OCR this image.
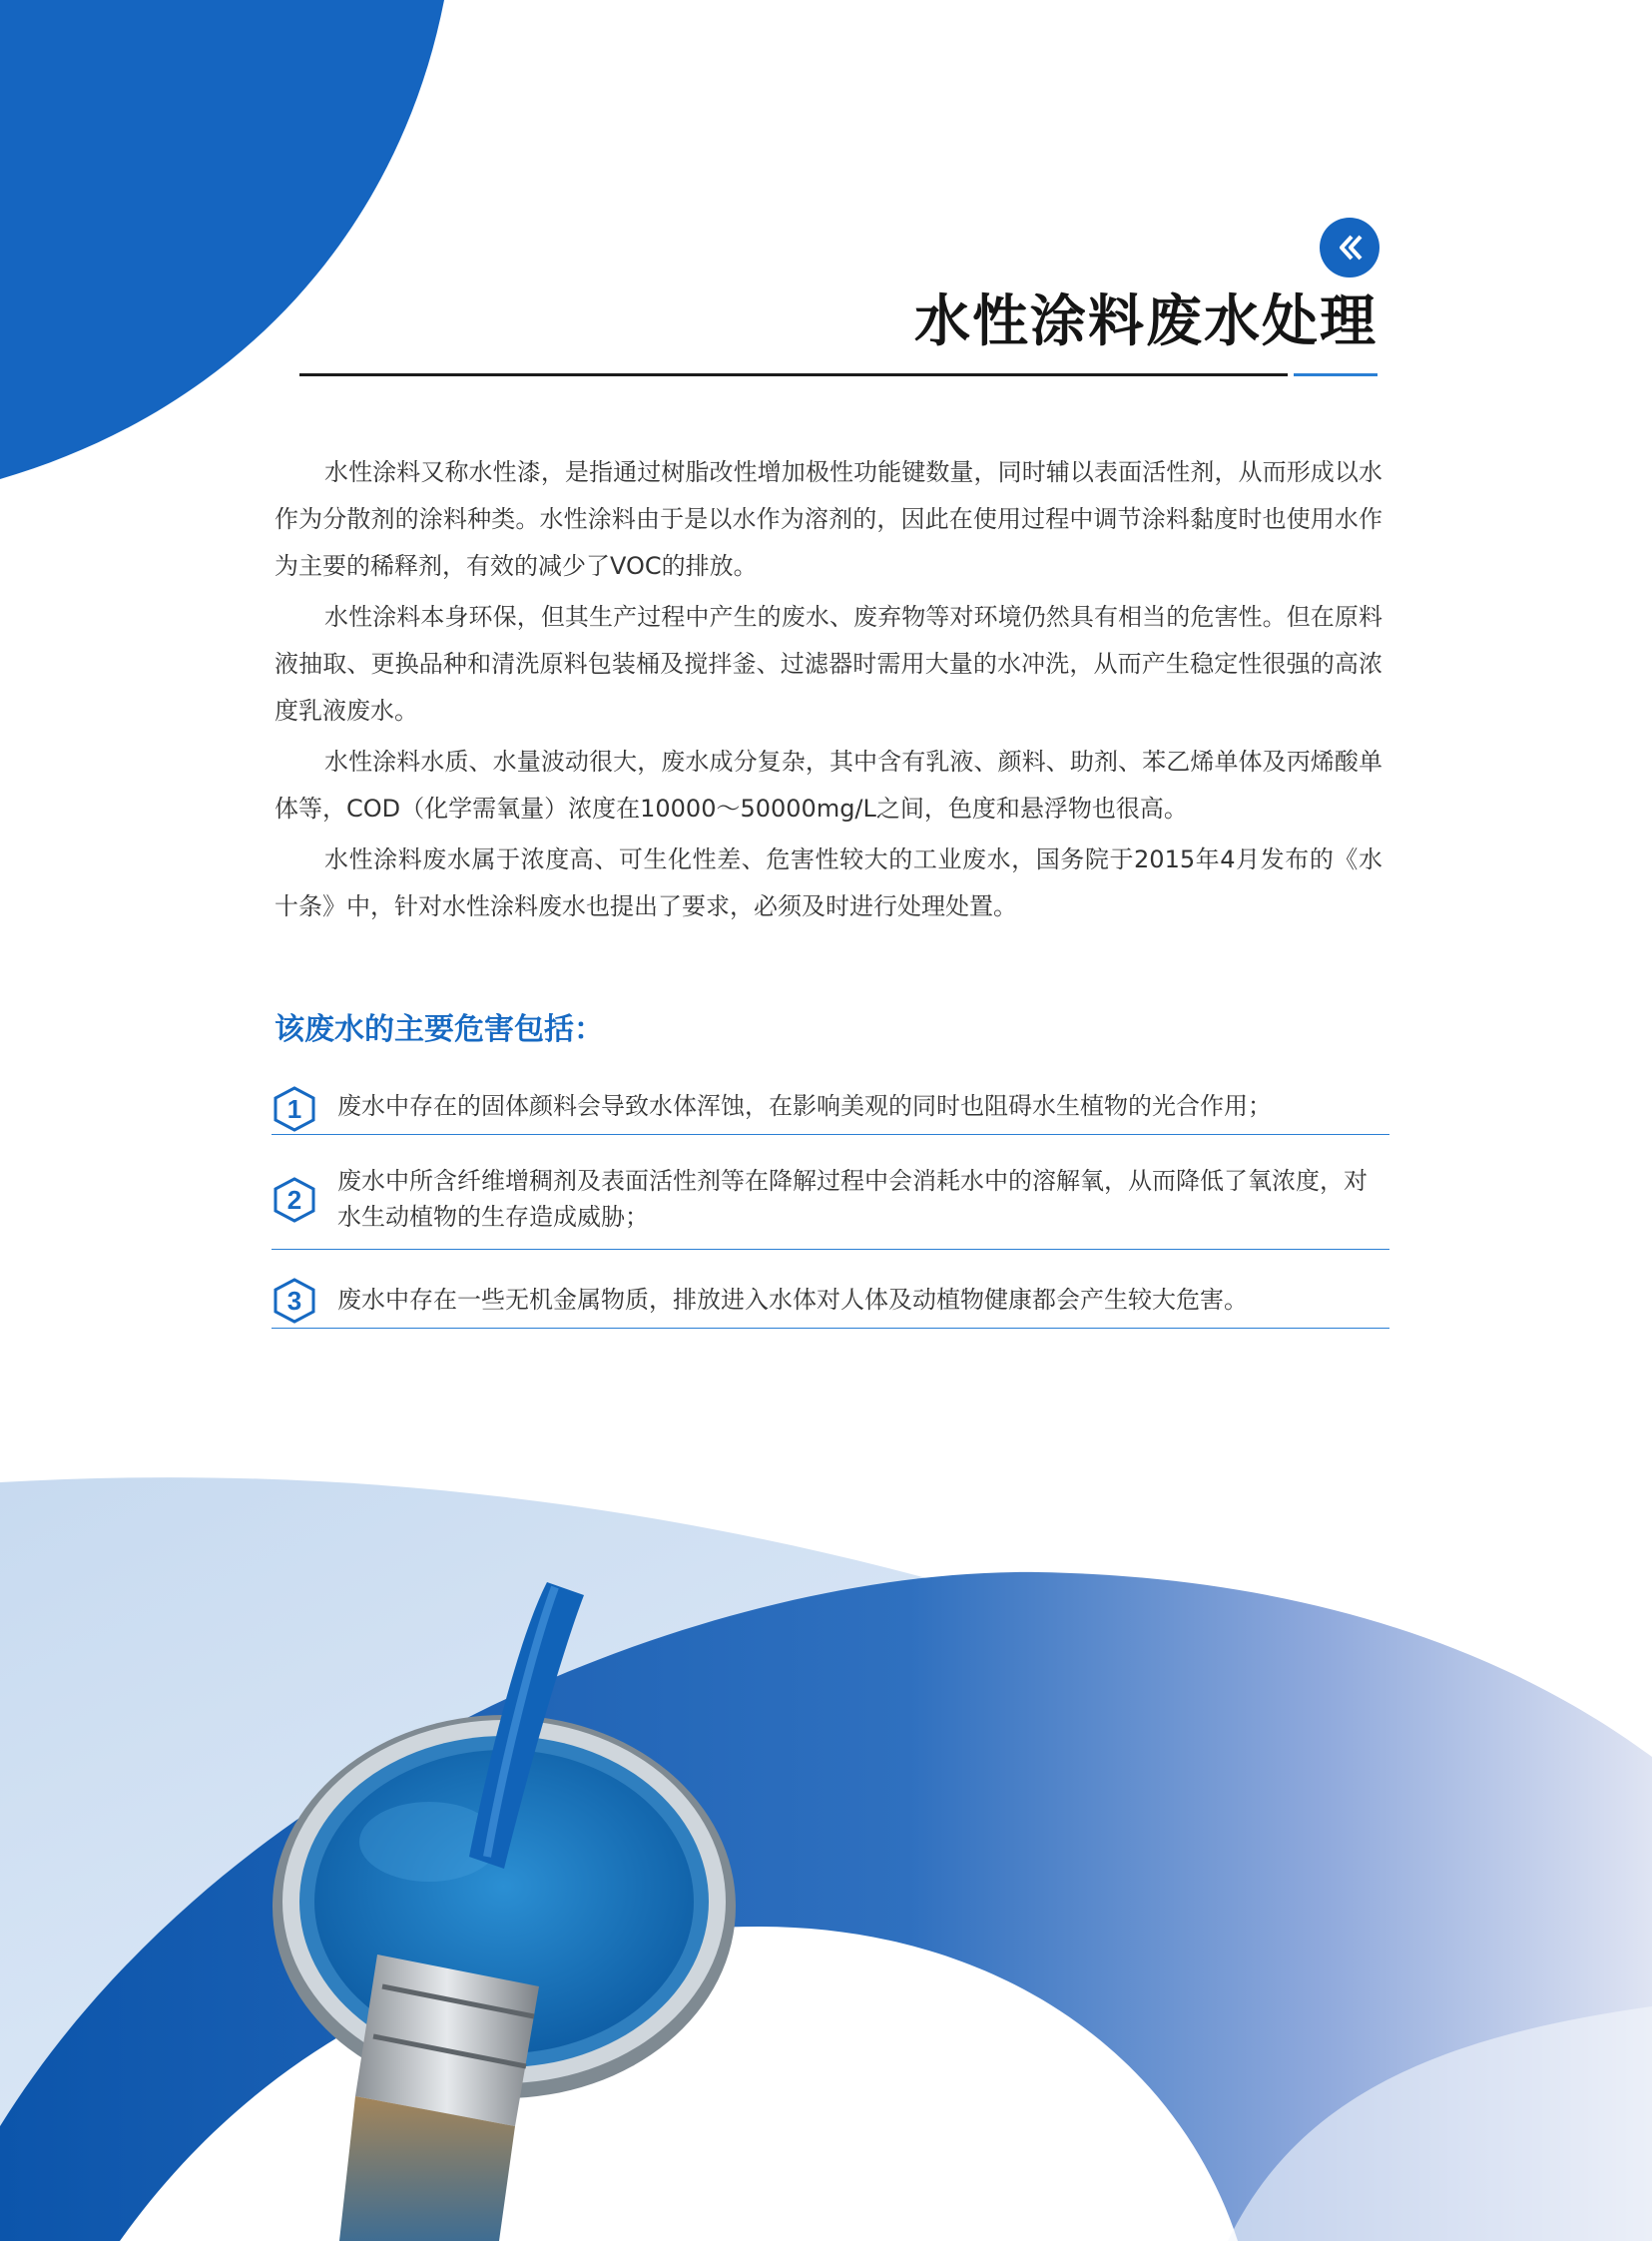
水性涂料废水处理

水性涂料又称水性漆，是指通过树脂改性增加极性功能键数量，同时辅以表面活性剂，从而形成以水作为分散剂的涂料种类。水性涂料由于是以水作为溶剂的，因此在使用过程中调节涂料黏度时也使用水作为主要的稀释剂，有效的减少了VOC的排放。

水性涂料本身环保，但其生产过程中产生的废水、废弃物等对环境仍然具有相当的危害性。但在原料液抽取、更换品种和清洗原料包装桶及搅拌釜、过滤器时需用大量的水冲洗，从而产生稳定性很强的高浓度乳液废水。

水性涂料水质、水量波动很大，废水成分复杂，其中含有乳液、颜料、助剂、苯乙烯单体及丙烯酸单体等，COD（化学需氧量）浓度在10000～50000mg/L之间，色度和悬浮物也很高。

水性涂料废水属于浓度高、可生化性差、危害性较大的工业废水，国务院于2015年4月发布的《水十条》中，针对水性涂料废水也提出了要求，必须及时进行处理处置。

该废水的主要危害包括：
1 废水中存在的固体颜料会导致水体浑蚀，在影响美观的同时也阻碍水生植物的光合作用；
2
废水中所含纤维增稠剂及表面活性剂等在降解过程中会消耗水中的溶解氧，从而降低了氧浓度，对水生动植物的生存造成威胁；
3 废水中存在一些无机金属物质，排放进入水体对人体及动植物健康都会产生较大危害。
